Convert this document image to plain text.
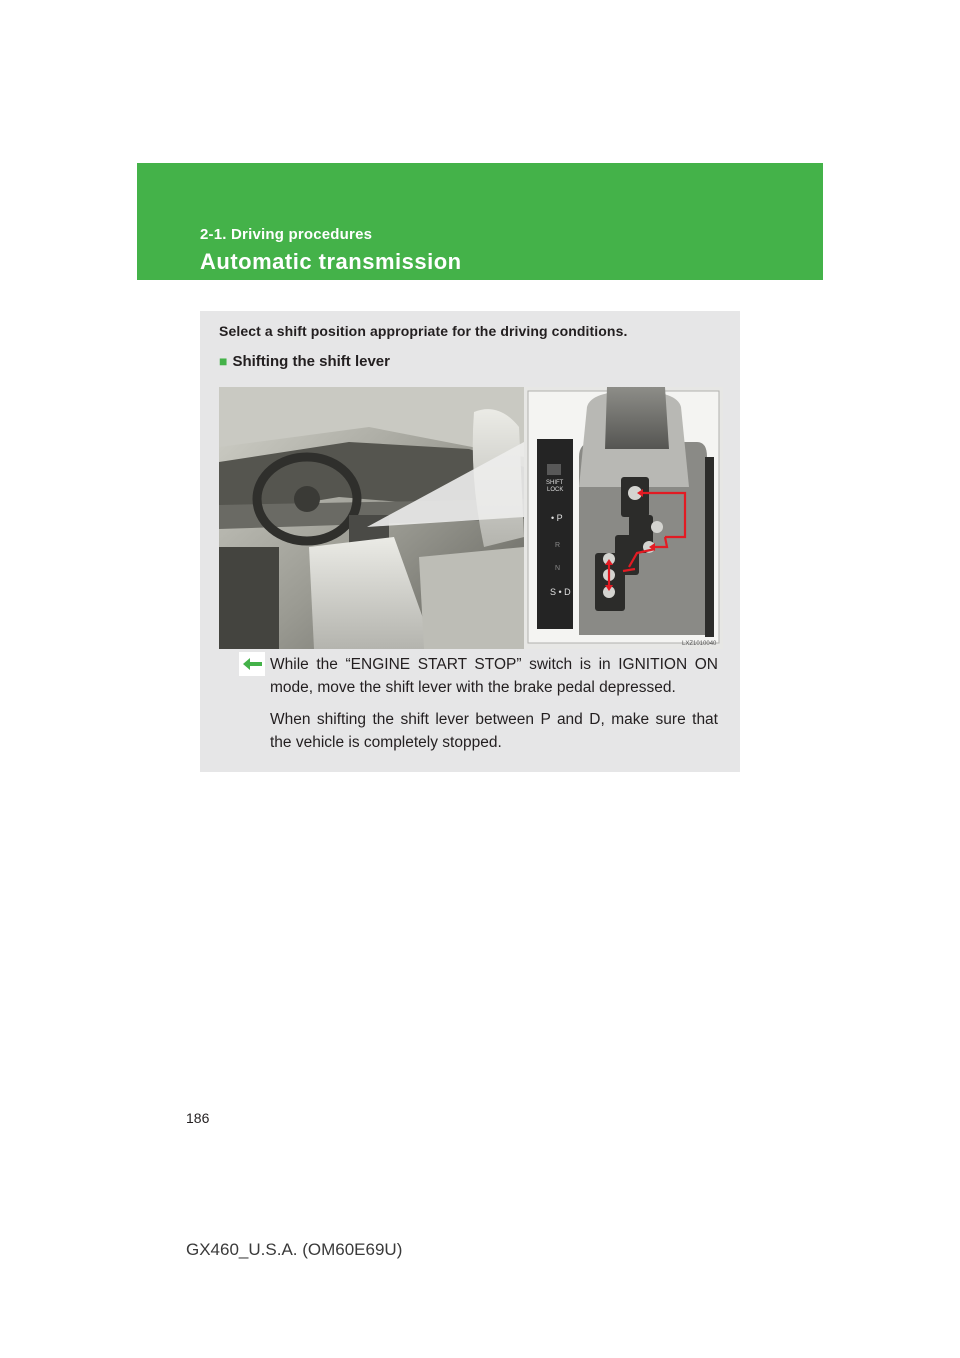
2-1. Driving procedures
Automatic transmission
Select a shift position appropriate for the driving conditions.
■ Shifting the shift lever
SHIFT
LOCK
• P
R
N
S • D
LXZ1010040
While the “ENGINE START STOP” switch is in IGNITION ON mode, move the shift lever with the brake pedal depressed.
When shifting the shift lever between P and D, make sure that the vehicle is completely stopped.
186
GX460_U.S.A. (OM60E69U)
